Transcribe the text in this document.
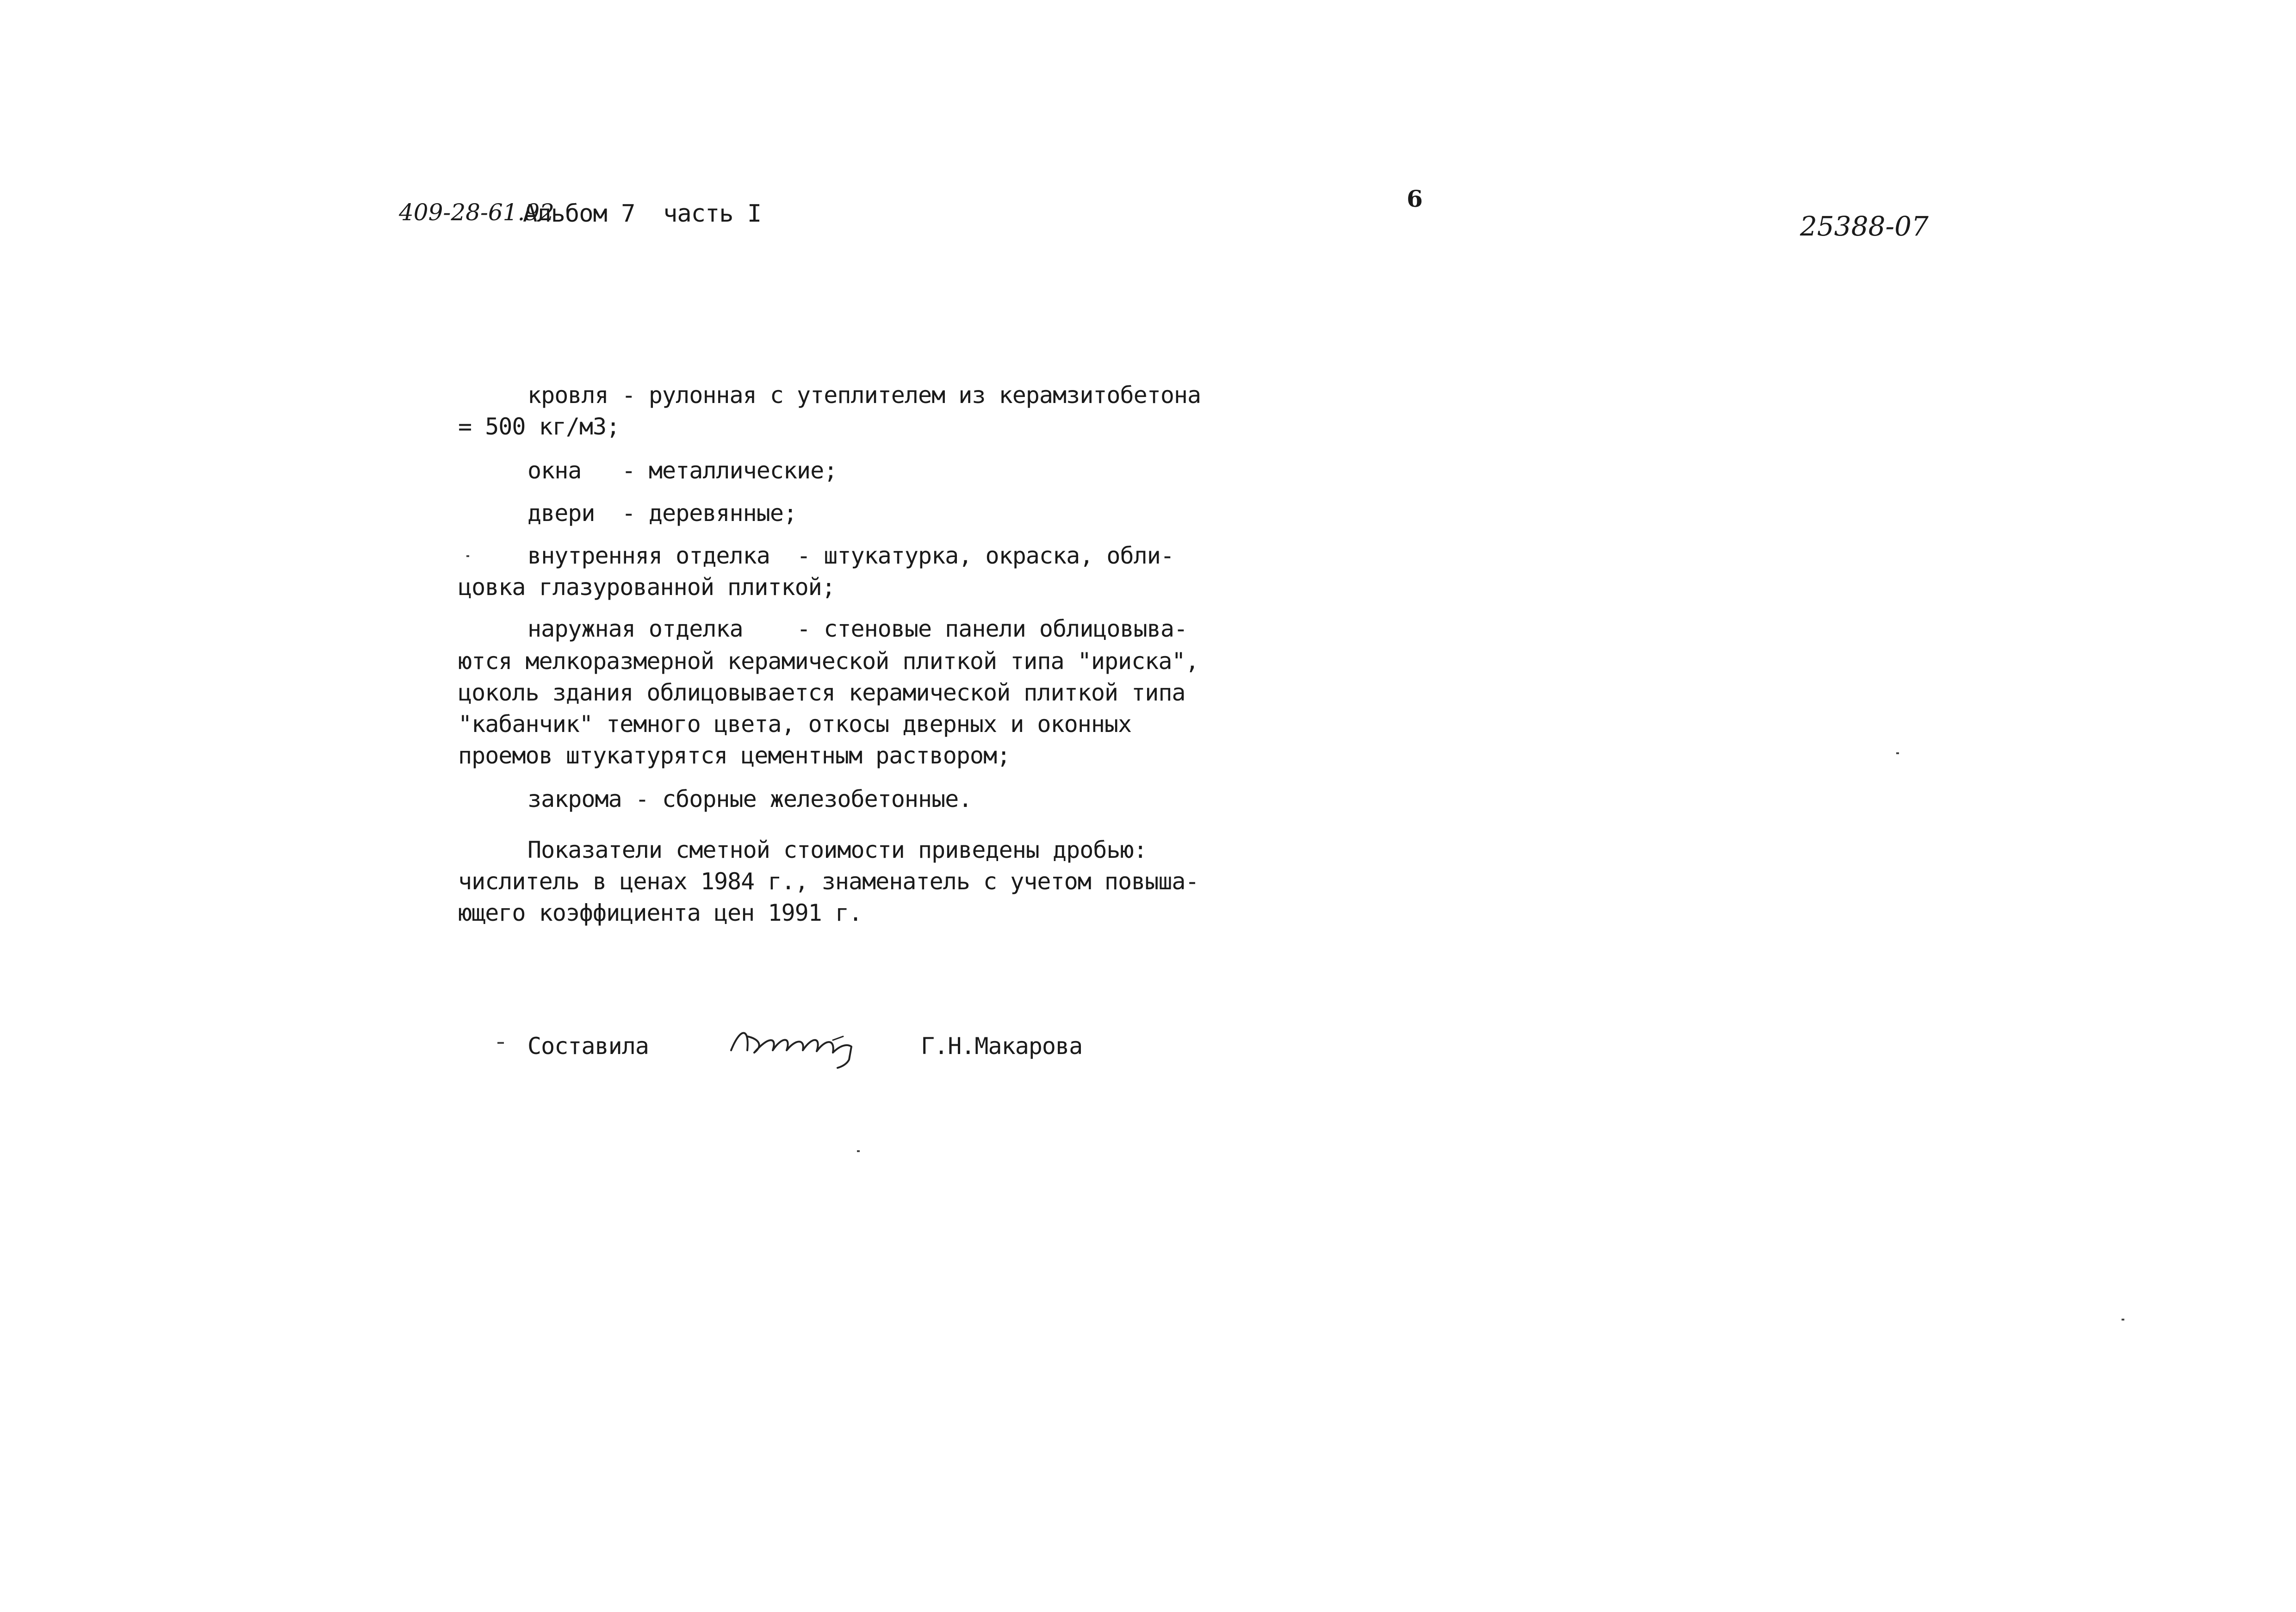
409-28-61.92
Альбом 7  часть I
6
25388-07
кровля - рулонная с утеплителем из керамзитобетона
= 500 кг/м3;
окна   - металлические;
двери  - деревянные;
внутренняя отделка  - штукатурка, окраска, обли-
цовка глазурованной плиткой;
наружная отделка    - стеновые панели облицовыва-
ются мелкоразмерной керамической плиткой типа "ириска",
цоколь здания облицовывается керамической плиткой типа
"кабанчик" темного цвета, откосы дверных и оконных
проемов штукатурятся цементным раствором;
закрома - сборные железобетонные.
Показатели сметной стоимости приведены дробью:
числитель в ценах 1984 г., знаменатель с учетом повыша-
ющего коэффициента цен 1991 г.
Составила	Г.Н.Макарова
